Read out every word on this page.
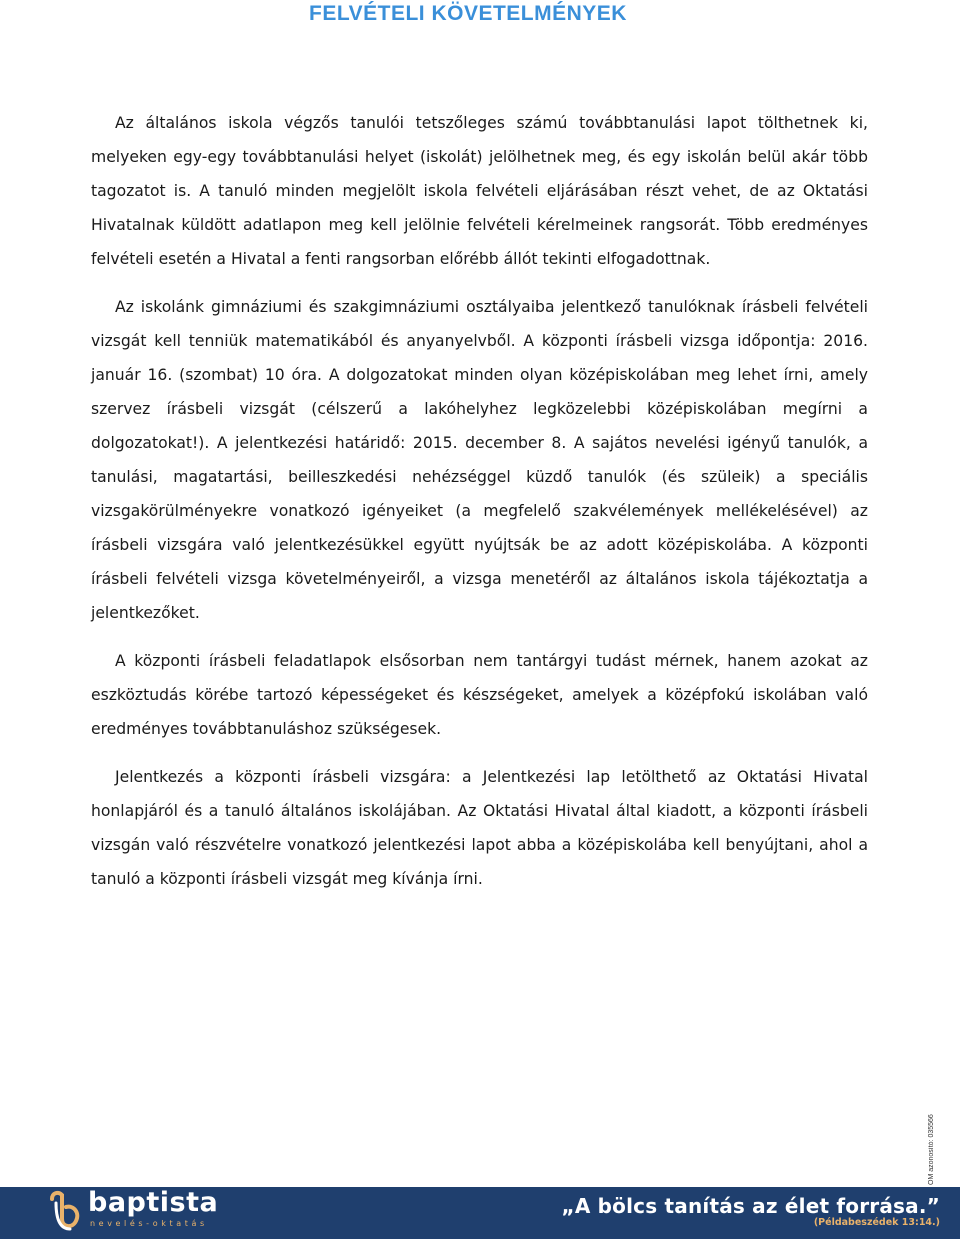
FELVÉTELI KÖVETELMÉNYEK

Az általános iskola végzős tanulói tetszőleges számú továbbtanulási lapot tölthetnek ki, melyeken egy-egy továbbtanulási helyet (iskolát) jelölhetnek meg, és egy iskolán belül akár több tagozatot is. A tanuló minden megjelölt iskola felvételi eljárásában részt vehet, de az Oktatási Hivatalnak küldött adatlapon meg kell jelölnie felvételi kérelmeinek rangsorát. Több eredményes felvételi esetén a Hivatal a fenti rangsorban előrébb állót tekinti elfogadottnak.

Az iskolánk gimnáziumi és szakgimnáziumi osztályaiba jelentkező tanulóknak írásbeli felvételi vizsgát kell tenniük matematikából és anyanyelvből. A központi írásbeli vizsga időpontja: 2016. január 16. (szombat) 10 óra. A dolgozatokat minden olyan középiskolában meg lehet írni, amely szervez írásbeli vizsgát (célszerű a lakóhelyhez legközelebbi középiskolában megírni a dolgozatokat!). A jelentkezési határidő: 2015. december 8. A sajátos nevelési igényű tanulók, a tanulási, magatartási, beilleszkedési nehézséggel küzdő tanulók (és szüleik) a speciális vizsgakörülményekre vonatkozó igényeiket (a megfelelő szakvélemények mellékelésével) az írásbeli vizsgára való jelentkezésükkel együtt nyújtsák be az adott középiskolába. A központi írásbeli felvételi vizsga követelményeiről, a vizsga menetéről az általános iskola tájékoztatja a jelentkezőket.

A központi írásbeli feladatlapok elsősorban nem tantárgyi tudást mérnek, hanem azokat az eszköztudás körébe tartozó képességeket és készségeket, amelyek a középfokú iskolában való eredményes továbbtanuláshoz szükségesek.

Jelentkezés a központi írásbeli vizsgára: a Jelentkezési lap letölthető az Oktatási Hivatal honlapjáról és a tanuló általános iskolájában. Az Oktatási Hivatal által kiadott, a központi írásbeli vizsgán való részvételre vonatkozó jelentkezési lapot abba a középiskolába kell benyújtani, ahol a tanuló a központi írásbeli vizsgát meg kívánja írni.

OM azonosító: 035566
baptista
nevelés-oktatás
„A bölcs tanítás az élet forrása.”
(Példabeszédek 13:14.)
